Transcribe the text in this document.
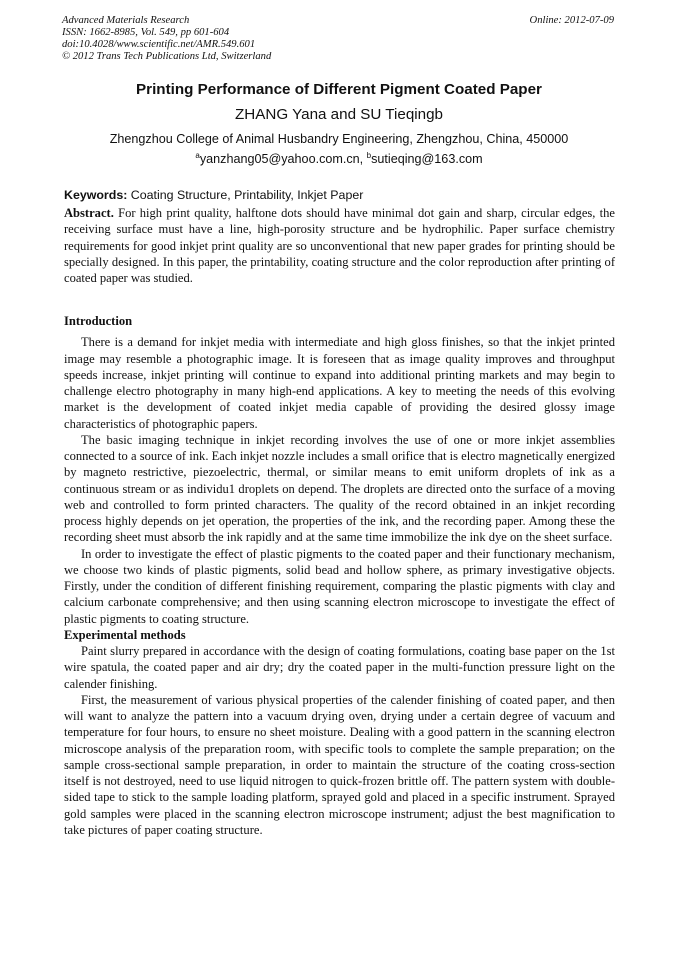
Advanced Materials Research
ISSN: 1662-8985, Vol. 549, pp 601-604
doi:10.4028/www.scientific.net/AMR.549.601
© 2012 Trans Tech Publications Ltd, Switzerland
Online: 2012-07-09
Printing Performance of Different Pigment Coated Paper
ZHANG Yana and SU Tieqingb
Zhengzhou College of Animal Husbandry Engineering, Zhengzhou, China, 450000
$^a$yanzhang05@yahoo.com.cn, $^b$sutieqing@163.com
Keywords: Coating Structure, Printability, Inkjet Paper

Abstract. For high print quality, halftone dots should have minimal dot gain and sharp, circular edges, the receiving surface must have a line, high-porosity structure and be hydrophilic. Paper surface chemistry requirements for good inkjet print quality are so unconventional that new paper grades for printing should be specially designed. In this paper, the printability, coating structure and the color reproduction after printing of coated paper was studied.

Introduction

There is a demand for inkjet media with intermediate and high gloss finishes, so that the inkjet printed image may resemble a photographic image. It is foreseen that as image quality improves and throughput speeds increase, inkjet printing will continue to expand into additional printing markets and may begin to challenge electro photography in many high-end applications. A key to meeting the needs of this evolving market is the development of coated inkjet media capable of providing the desired glossy image characteristics of photographic papers.

The basic imaging technique in inkjet recording involves the use of one or more inkjet assemblies connected to a source of ink. Each inkjet nozzle includes a small orifice that is electro magnetically energized by magneto restrictive, piezoelectric, thermal, or similar means to emit uniform droplets of ink as a continuous stream or as individu1 droplets on depend. The droplets are directed onto the surface of a moving web and controlled to form printed characters. The quality of the record obtained in an inkjet recording process highly depends on jet operation, the properties of the ink, and the recording paper. Among these the recording sheet must absorb the ink rapidly and at the same time immobilize the ink dye on the sheet surface.

In order to investigate the effect of plastic pigments to the coated paper and their functionary mechanism, we choose two kinds of plastic pigments, solid bead and hollow sphere, as primary investigative objects. Firstly, under the condition of different finishing requirement, comparing the plastic pigments with clay and calcium carbonate comprehensive; and then using scanning electron microscope to investigate the effect of plastic pigments to coating structure.

Experimental methods

Paint slurry prepared in accordance with the design of coating formulations, coating base paper on the 1st wire spatula, the coated paper and air dry; dry the coated paper in the multi-function pressure light on the calender finishing.

First, the measurement of various physical properties of the calender finishing of coated paper, and then will want to analyze the pattern into a vacuum drying oven, drying under a certain degree of vacuum and temperature for four hours, to ensure no sheet moisture. Dealing with a good pattern in the scanning electron microscope analysis of the preparation room, with specific tools to complete the sample preparation; on the sample cross-sectional sample preparation, in order to maintain the structure of the coating cross-section itself is not destroyed, need to use liquid nitrogen to quick-frozen brittle off. The pattern system with double-sided tape to stick to the sample loading platform, sprayed gold and placed in a specific instrument. Sprayed gold samples were placed in the scanning electron microscope instrument; adjust the best magnification to take pictures of paper coating structure.
